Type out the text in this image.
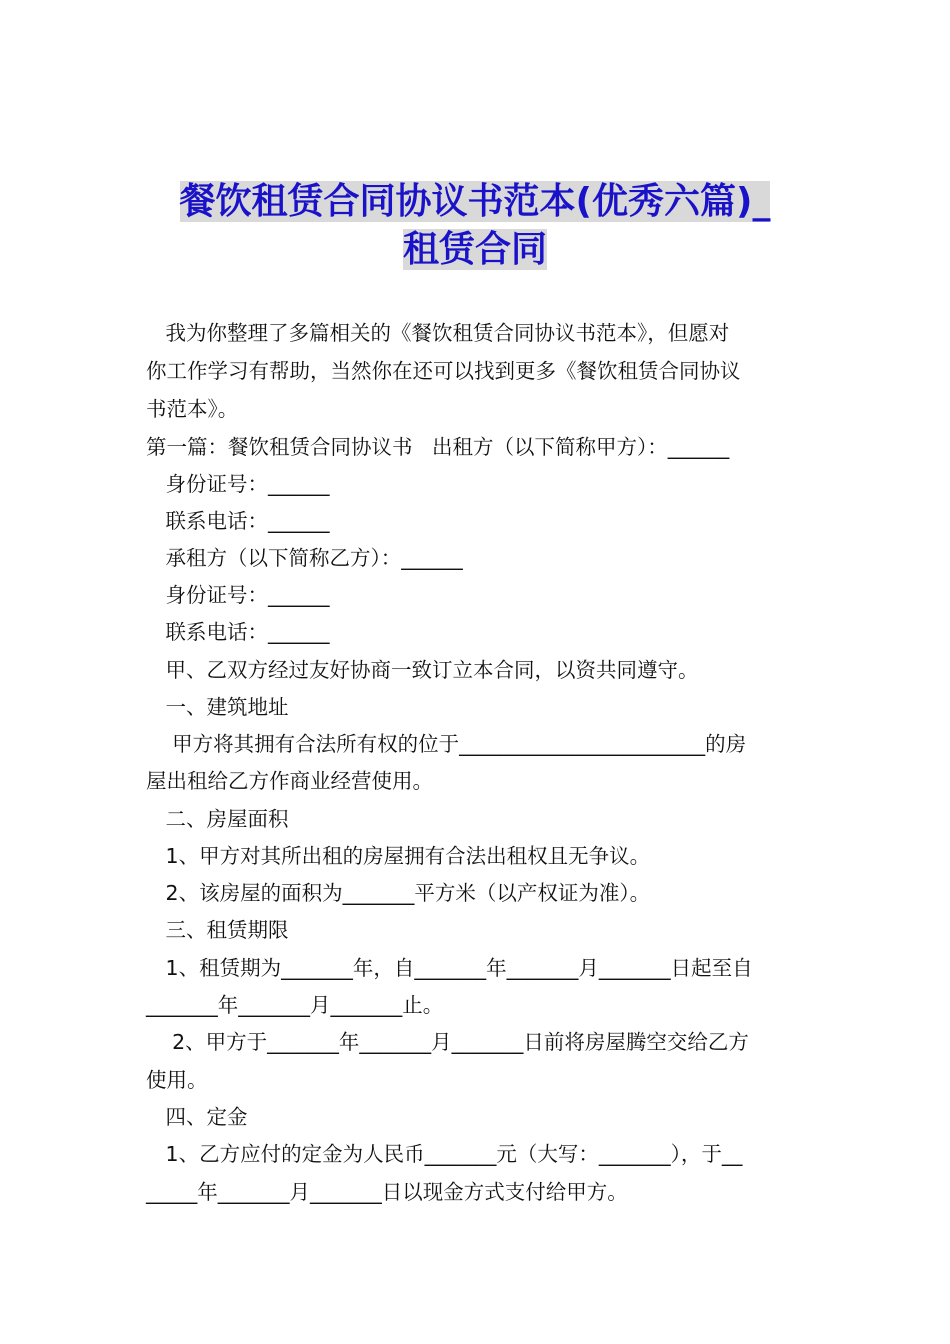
餐饮租赁合同协议书范本(优秀六篇)_
租赁合同
我为你整理了多篇相关的《餐饮租赁合同协议书范本》，但愿对
你工作学习有帮助，当然你在还可以找到更多《餐饮租赁合同协议
书范本》。
第一篇：餐饮租赁合同协议书   出租方（以下简称甲方）：______
身份证号：______
联系电话：______
承租方（以下简称乙方）：______
身份证号：______
联系电话：______
甲、乙双方经过友好协商一致订立本合同，以资共同遵守。
一、建筑地址
甲方将其拥有合法所有权的位于________________________的房
屋出租给乙方作商业经营使用。
二、房屋面积
1、甲方对其所出租的房屋拥有合法出租权且无争议。
2、该房屋的面积为_______平方米（以产权证为准）。
三、租赁期限
1、租赁期为_______年，自_______年_______月_______日起至自
_______年_______月_______止。
2、甲方于_______年_______月_______日前将房屋腾空交给乙方
使用。
四、定金
1、乙方应付的定金为人民币_______元（大写：_______），于__
_____年_______月_______日以现金方式支付给甲方。
